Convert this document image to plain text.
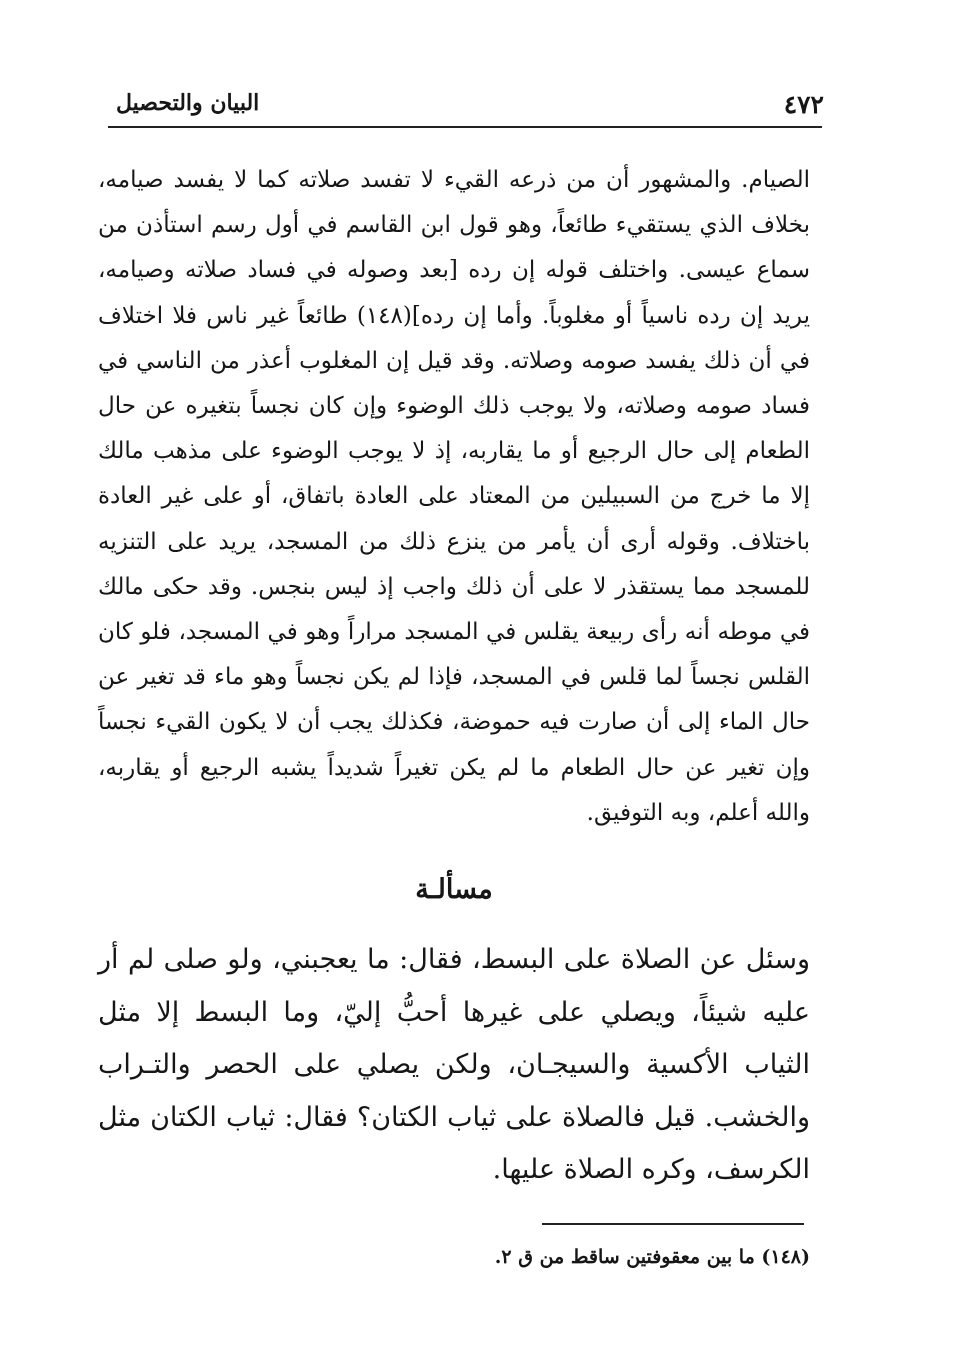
٤٧٢
البيان والتحصيل

الصيام. والمشهور أن من ذرعه القيء لا تفسد صلاته كما لا يفسد صيامه، بخلاف الذي يستقيء طائعاً، وهو قول ابن القاسم في أول رسم استأذن من سماع عيسى. واختلف قوله إن رده [بعد وصوله في فساد صلاته وصيامه، يريد إن رده ناسياً أو مغلوباً. وأما إن رده](١٤٨) طائعاً غير ناس فلا اختلاف في أن ذلك يفسد صومه وصلاته. وقد قيل إن المغلوب أعذر من الناسي في فساد صومه وصلاته، ولا يوجب ذلك الوضوء وإن كان نجساً بتغيره عن حال الطعام إلى حال الرجيع أو ما يقاربه، إذ لا يوجب الوضوء على مذهب مالك إلا ما خرج من السبيلين من المعتاد على العادة باتفاق، أو على غير العادة باختلاف. وقوله أرى أن يأمر من ينزع ذلك من المسجد، يريد على التنزيه للمسجد مما يستقذر لا على أن ذلك واجب إذ ليس بنجس. وقد حكى مالك في موطه أنه رأى ربيعة يقلس في المسجد مراراً وهو في المسجد، فلو كان القلس نجساً لما قلس في المسجد، فإذا لم يكن نجساً وهو ماء قد تغير عن حال الماء إلى أن صارت فيه حموضة، فكذلك يجب أن لا يكون القيء نجساً وإن تغير عن حال الطعام ما لم يكن تغيراً شديداً يشبه الرجيع أو يقاربه، والله أعلم، وبه التوفيق.

مسألـة

وسئل عن الصلاة على البسط، فقال: ما يعجبني، ولو صلى لم أر عليه شيئاً، ويصلي على غيرها أحبُّ إليّ، وما البسط إلا مثل الثياب الأكسية والسيجـان، ولكن يصلي على الحصر والتـراب والخشب. قيل فالصلاة على ثياب الكتان؟ فقال: ثياب الكتان مثل الكرسف، وكره الصلاة عليها.

(١٤٨) ما بين معقوفتين ساقط من ق ٢.
